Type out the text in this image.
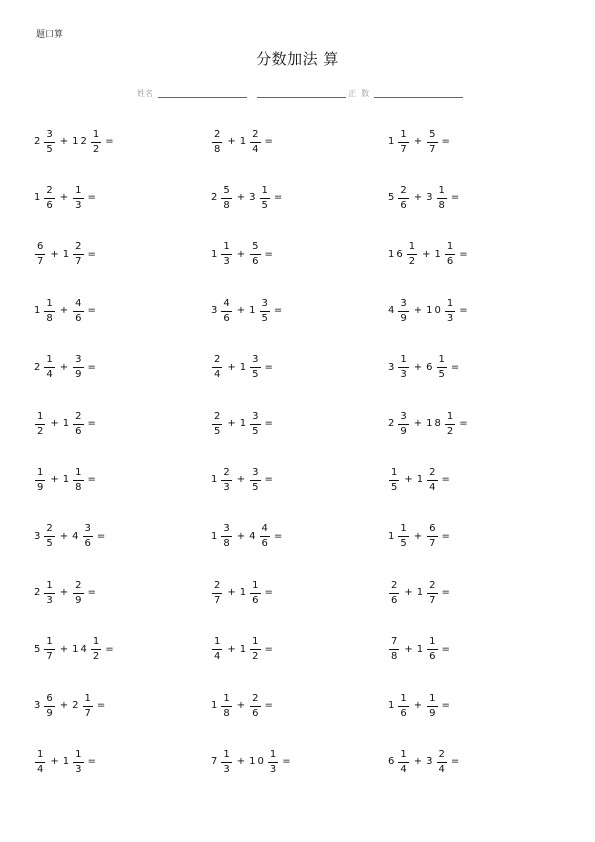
题口算
分数加法 算
姓名	正  数
$2 \frac{3}{5} + 12 \frac{1}{2}$ =
$1 \frac{2}{6} + \frac{1}{3}$ =
$\frac{6}{7} + 1 \frac{2}{7}$ =
$1 \frac{1}{8} + \frac{4}{6}$ =
$2 \frac{1}{4} + \frac{3}{9}$ =
$\frac{1}{2} + 1 \frac{2}{6}$ =
$\frac{1}{9} + 1 \frac{1}{8}$ =
$3 \frac{2}{5} + 4 \frac{3}{6}$ =
$2 \frac{1}{3} + \frac{2}{9}$ =
$5 \frac{1}{7} + 14 \frac{1}{2}$ =
$3 \frac{6}{9} + 2 \frac{1}{7}$ =
$\frac{1}{4} + 1 \frac{1}{3}$ =
$\frac{2}{8} + 1 \frac{2}{4}$ =
$2 \frac{5}{8} + 3 \frac{1}{5}$ =
$1 \frac{1}{3} + \frac{5}{6}$ =
$3 \frac{4}{6} + 1 \frac{3}{5}$ =
$\frac{2}{4} + 1 \frac{3}{5}$ =
$\frac{2}{5} + 1 \frac{3}{5}$ =
$1 \frac{2}{3} + \frac{3}{5}$ =
$1 \frac{3}{8} + 4 \frac{4}{6}$ =
$\frac{2}{7} + 1 \frac{1}{6}$ =
$\frac{1}{4} + 1 \frac{1}{2}$ =
$1 \frac{1}{8} + \frac{2}{6}$ =
$7 \frac{1}{3} + 10 \frac{1}{3}$ =
$1 \frac{1}{7} + \frac{5}{7}$ =
$5 \frac{2}{6} + 3 \frac{1}{8}$ =
$16 \frac{1}{2} + 1 \frac{1}{6}$ =
$4 \frac{3}{9} + 10 \frac{1}{3}$ =
$3 \frac{1}{3} + 6 \frac{1}{5}$ =
$2 \frac{3}{9} + 18 \frac{1}{2}$ =
$\frac{1}{5} + 1 \frac{2}{4}$ =
$1 \frac{1}{5} + \frac{6}{7}$ =
$\frac{2}{6} + 1 \frac{2}{7}$ =
$\frac{7}{8} + 1 \frac{1}{6}$ =
$1 \frac{1}{6} + \frac{1}{9}$ =
$6 \frac{1}{4} + 3 \frac{2}{4}$ =
